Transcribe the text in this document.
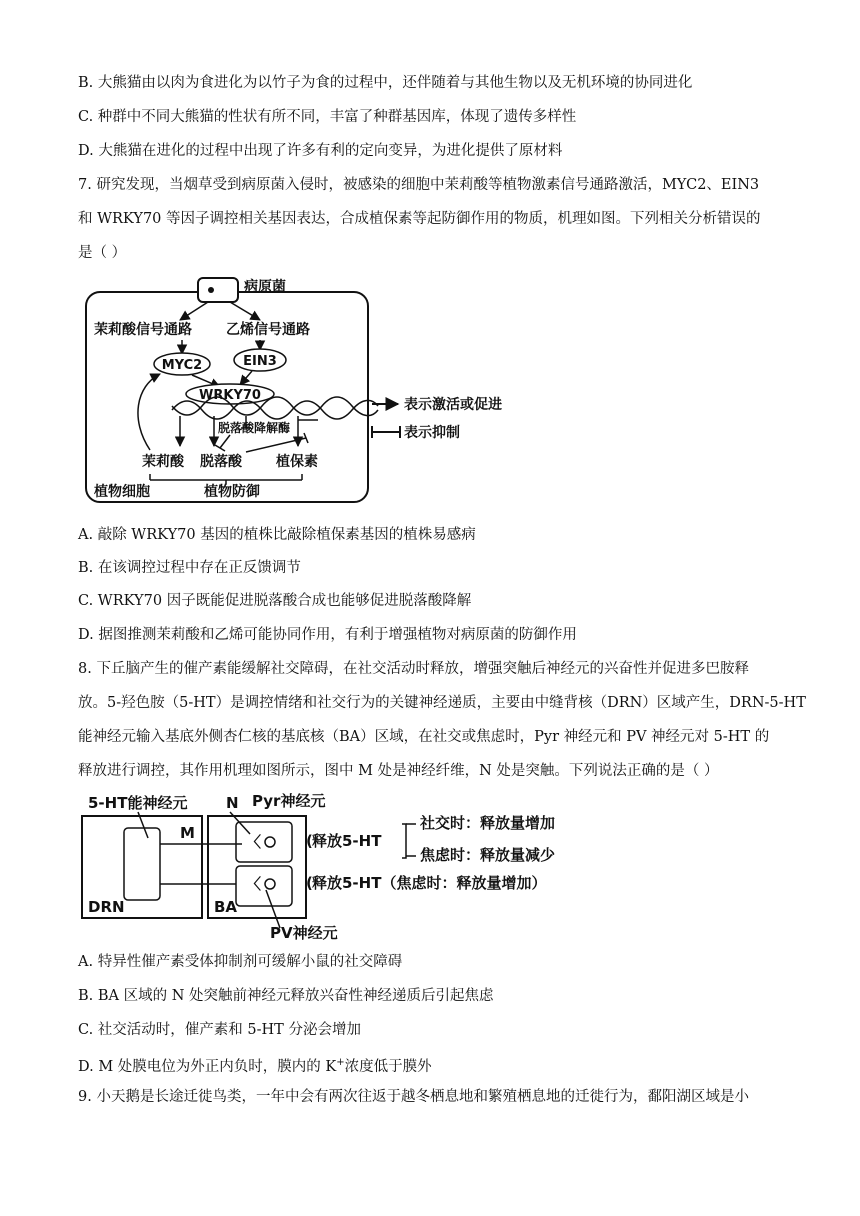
B. 大熊猫由以肉为食进化为以竹子为食的过程中，还伴随着与其他生物以及无机环境的协同进化
C. 种群中不同大熊猫的性状有所不同，丰富了种群基因库，体现了遗传多样性
D. 大熊猫在进化的过程中出现了许多有利的定向变异，为进化提供了原材料
7. 研究发现，当烟草受到病原菌入侵时，被感染的细胞中茉莉酸等植物激素信号通路激活，MYC2、EIN3
和 WRKY70 等因子调控相关基因表达，合成植保素等起防御作用的物质，机理如图。下列相关分析错误的
是（ ）
病原菌
茉莉酸信号通路 乙烯信号通路
MYC2	EIN3
WRKY70
脱落酸降解酶
茉莉酸 脱落酸 植保素
植物细胞	植物防御
表示激活或促进
表示抑制
A. 敲除 WRKY70 基因的植株比敲除植保素基因的植株易感病
B. 在该调控过程中存在正反馈调节
C. WRKY70 因子既能促进脱落酸合成也能够促进脱落酸降解
D. 据图推测茉莉酸和乙烯可能协同作用，有利于增强植物对病原菌的防御作用
8. 下丘脑产生的催产素能缓解社交障碍，在社交活动时释放，增强突触后神经元的兴奋性并促进多巴胺释
放。5-羟色胺（5-HT）是调控情绪和社交行为的关键神经递质，主要由中缝背核（DRN）区域产生，DRN-5-HT
能神经元输入基底外侧杏仁核的基底核（BA）区域，在社交或焦虑时，Pyr 神经元和 PV 神经元对 5-HT 的
释放进行调控，其作用机理如图所示，图中 M 处是神经纤维，N 处是突触。下列说法正确的是（ ）
5-HT能神经元
DRN
M
BA
N Pyr神经元
〈
〈
PV神经元
释放5-HT
(
社交时：释放量增加
焦虑时：释放量减少
( 释放5-HT（焦虑时：释放量增加）
A. 特异性催产素受体抑制剂可缓解小鼠的社交障碍
B. BA 区域的 N 处突触前神经元释放兴奋性神经递质后引起焦虑
C. 社交活动时，催产素和 5-HT 分泌会增加
D. M 处膜电位为外正内负时，膜内的 K+浓度低于膜外
9. 小天鹅是长途迁徙鸟类，一年中会有两次往返于越冬栖息地和繁殖栖息地的迁徙行为，鄱阳湖区域是小
